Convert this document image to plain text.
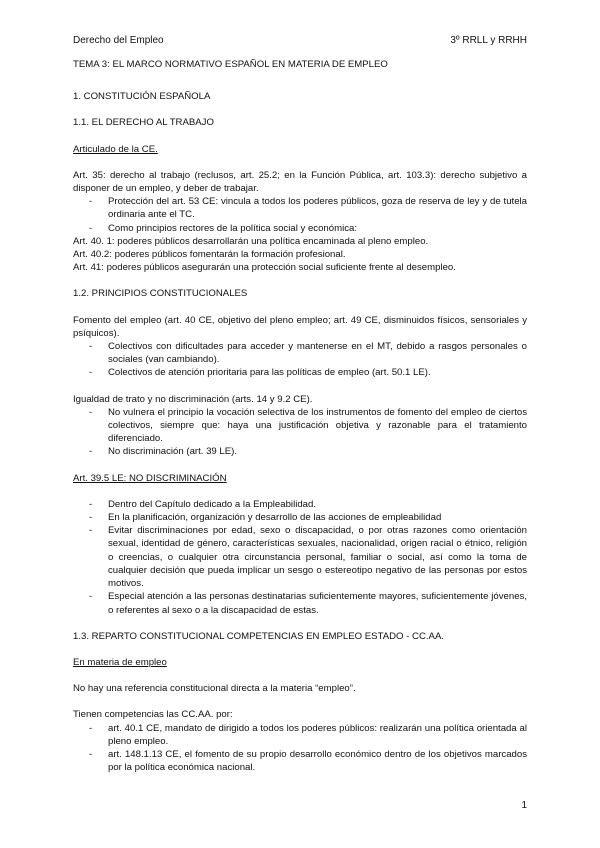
Derecho del Empleo	3º RRLL y RRHH

TEMA 3: EL MARCO NORMATIVO ESPAÑOL EN MATERIA DE EMPLEO

1. CONSTITUCIÓN ESPAÑOLA

1.1. EL DERECHO AL TRABAJO

Articulado de la CE.

Art. 35: derecho al trabajo (reclusos, art. 25.2; en la Función Pública, art. 103.3): derecho subjetivo a disponer de un empleo, y deber de trabajar.

- Protección del art. 53 CE: vincula a todos los poderes públicos, goza de reserva de ley y de tutela ordinaria ante el TC.
- Como principios rectores de la política social y económica:

Art. 40. 1: poderes públicos desarrollarán una política encaminada al pleno empleo.

Art. 40.2: poderes públicos fomentarán la formación profesional.

Art. 41: poderes públicos asegurarán una protección social suficiente frente al desempleo.

1.2. PRINCIPIOS CONSTITUCIONALES

Fomento del empleo (art. 40 CE, objetivo del pleno empleo; art. 49 CE, disminuidos físicos, sensoriales y psíquicos).

- Colectivos con dificultades para acceder y mantenerse en el MT, debido a rasgos personales o sociales (van cambiando).
- Colectivos de atención prioritaria para las políticas de empleo (art. 50.1 LE).

Igualdad de trato y no discriminación (arts. 14 y 9.2 CE).

- No vulnera el principio la vocación selectiva de los instrumentos de fomento del empleo de ciertos colectivos, siempre que: haya una justificación objetiva y razonable para el tratamiento diferenciado.
- No discriminación (art. 39 LE).

Art. 39.5 LE: NO DISCRIMINACIÓN

- Dentro del Capítulo dedicado a la Empleabilidad.
- En la planificación, organización y desarrollo de las acciones de empleabilidad
- Evitar discriminaciones por edad, sexo o discapacidad, o por otras razones como orientación sexual, identidad de género, características sexuales, nacionalidad, origen racial o étnico, religión o creencias, o cualquier otra circunstancia personal, familiar o social, así como la toma de cualquier decisión que pueda implicar un sesgo o estereotipo negativo de las personas por estos motivos.
- Especial atención a las personas destinatarias suficientemente mayores, suficientemente jóvenes, o referentes al sexo o a la discapacidad de estas.

1.3. REPARTO CONSTITUCIONAL COMPETENCIAS EN EMPLEO ESTADO - CC.AA.

En materia de empleo

No hay una referencia constitucional directa a la materia “empleo”.

Tienen competencias las CC.AA. por:

- art. 40.1 CE, mandato de dirigido a todos los poderes públicos: realizarán una política orientada al pleno empleo.
- art. 148.1.13 CE, el fomento de su propio desarrollo económico dentro de los objetivos marcados por la política económica nacional.
1
